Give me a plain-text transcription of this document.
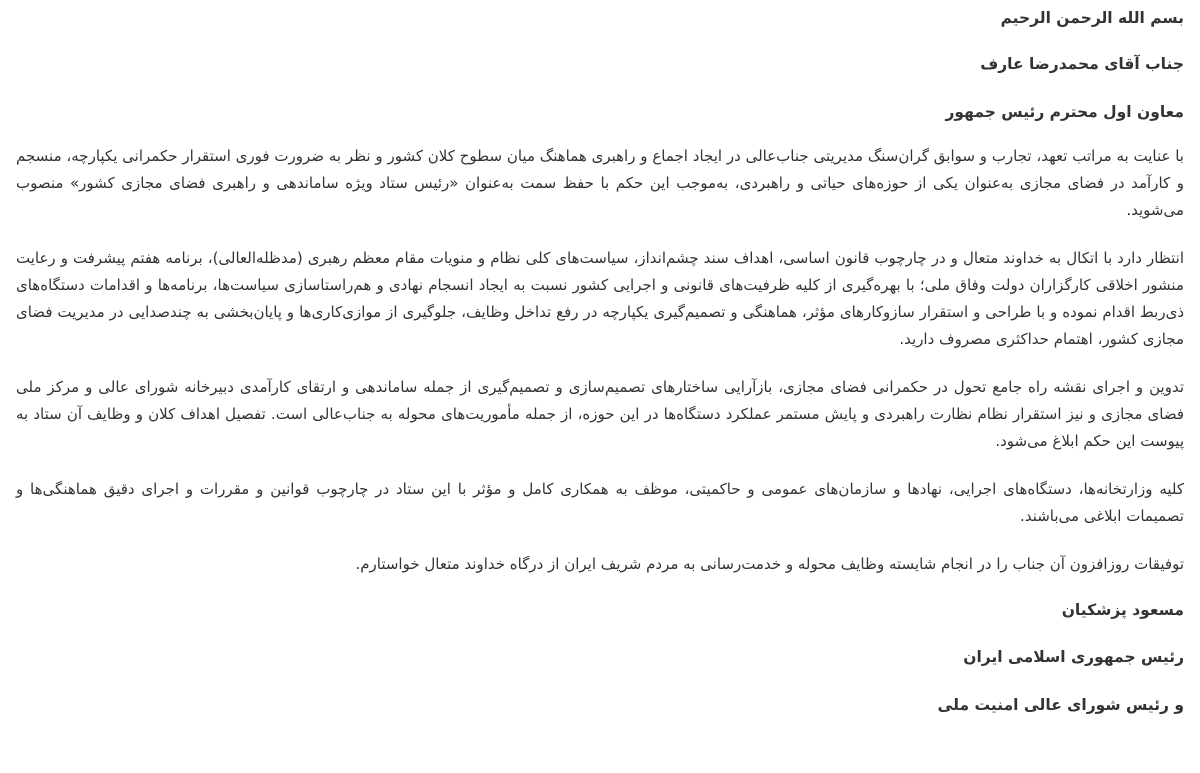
بسم الله الرحمن الرحیم

جناب آقای محمدرضا عارف

معاون اول محترم رئیس جمهور

با عنایت به مراتب تعهد، تجارب و سوابق گران‌سنگ مدیریتی جناب‌عالی در ایجاد اجماع و راهبری هماهنگ میان سطوح کلان کشور و نظر به ضرورت فوری استقرار حکمرانی یکپارچه، منسجم و کارآمد در فضای مجازی به‌عنوان یکی از حوزه‌های حیاتی و راهبردی، به‌موجب این حکم با حفظ سمت به‌عنوان «رئیس ستاد ویژه ساماندهی و راهبری فضای مجازی کشور» منصوب می‌شوید.

انتظار دارد با اتکال به خداوند متعال و در چارچوب قانون اساسی، اهداف سند چشم‌انداز، سیاست‌های کلی نظام و منویات مقام معظم رهبری (مدظله‌العالی)، برنامه هفتم پیشرفت و رعایت منشور اخلاقی کارگزاران دولت وفاق ملی؛ با بهره‌گیری از کلیه ظرفیت‌های قانونی و اجرایی کشور نسبت به ایجاد انسجام نهادی و هم‌راستاسازی سیاست‌ها، برنامه‌ها و اقدامات دستگاه‌های ذی‌ربط اقدام نموده و با طراحی و استقرار سازوکارهای مؤثر، هماهنگی و تصمیم‌گیری یکپارچه در رفع تداخل وظایف، جلوگیری از موازی‌کاری‌ها و پایان‌بخشی به چندصدایی در مدیریت فضای مجازی کشور، اهتمام حداکثری مصروف دارید.

تدوین و اجرای نقشه راه جامع تحول در حکمرانی فضای مجازی، بازآرایی ساختارهای تصمیم‌سازی و تصمیم‌گیری از جمله ساماندهی و ارتقای کارآمدی دبیرخانه شورای عالی و مرکز ملی فضای مجازی و نیز استقرار نظام نظارت راهبردی و پایش مستمر عملکرد دستگاه‌ها در این حوزه، از جمله مأموریت‌های محوله به جناب‌عالی است. تفصیل اهداف کلان و وظایف آن ستاد به پیوست این حکم ابلاغ می‌شود.

کلیه وزارتخانه‌ها، دستگاه‌های اجرایی، نهادها و سازمان‌های عمومی و حاکمیتی، موظف به همکاری کامل و مؤثر با این ستاد در چارچوب قوانین و مقررات و اجرای دقیق هماهنگی‌ها و تصمیمات ابلاغی می‌باشند.

توفیقات روزافزون آن جناب را در انجام شایسته وظایف محوله و خدمت‌رسانی به مردم شریف ایران از درگاه خداوند متعال خواستارم.

مسعود پزشکیان

رئیس جمهوری اسلامی ایران

و رئیس شورای عالی امنیت ملی
